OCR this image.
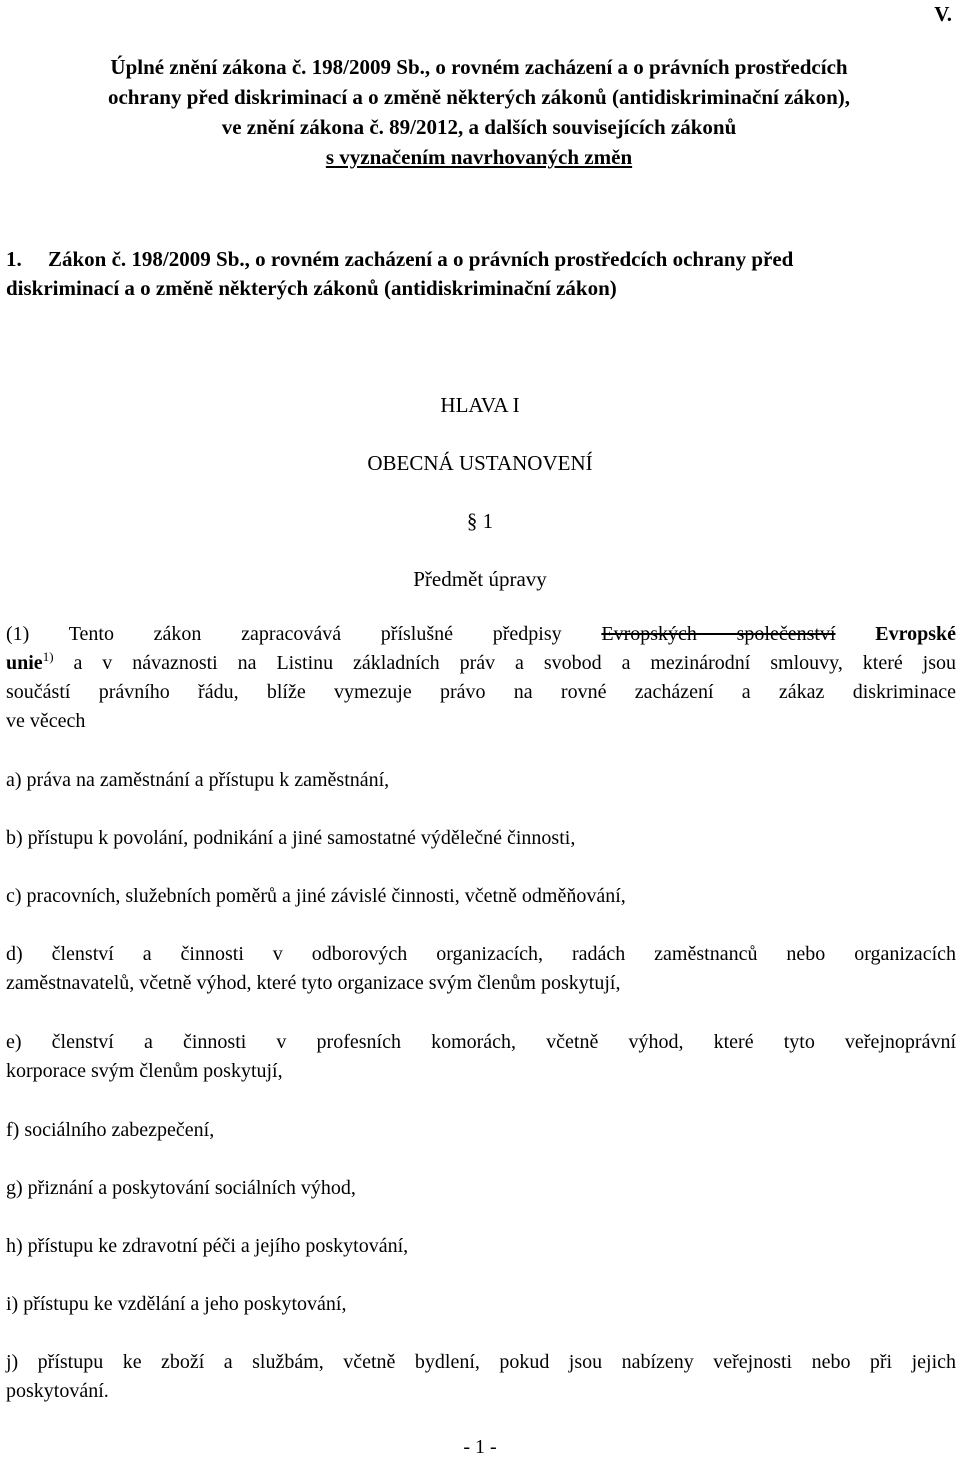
V.
Úplné znění zákona č. 198/2009 Sb., o rovném zacházení a o právních prostředcích
ochrany před diskriminací a o změně některých zákonů (antidiskriminační zákon),
ve znění zákona č. 89/2012, a dalších souvisejících zákonů
s vyznačením navrhovaných změn
1. Zákon č. 198/2009 Sb., o rovném zacházení a o právních prostředcích ochrany před
diskriminací a o změně některých zákonů (antidiskriminační zákon)
HLAVA I
OBECNÁ USTANOVENÍ
§ 1
Předmět úpravy
(1) Tento zákon zapracovává příslušné předpisy Evropských společenství Evropské
unie$^{1)}$ a v návaznosti na Listinu základních práv a svobod a mezinárodní smlouvy, které jsou
součástí právního řádu, blíže vymezuje právo na rovné zacházení a zákaz diskriminace
ve věcech
a) práva na zaměstnání a přístupu k zaměstnání,
b) přístupu k povolání, podnikání a jiné samostatné výdělečné činnosti,
c) pracovních, služebních poměrů a jiné závislé činnosti, včetně odměňování,
d) členství a činnosti v odborových organizacích, radách zaměstnanců nebo organizacích
zaměstnavatelů, včetně výhod, které tyto organizace svým členům poskytují,
e) členství a činnosti v profesních komorách, včetně výhod, které tyto veřejnoprávní
korporace svým členům poskytují,
f) sociálního zabezpečení,
g) přiznání a poskytování sociálních výhod,
h) přístupu ke zdravotní péči a jejího poskytování,
i) přístupu ke vzdělání a jeho poskytování,
j) přístupu ke zboží a službám, včetně bydlení, pokud jsou nabízeny veřejnosti nebo při jejich
poskytování.
- 1 -
